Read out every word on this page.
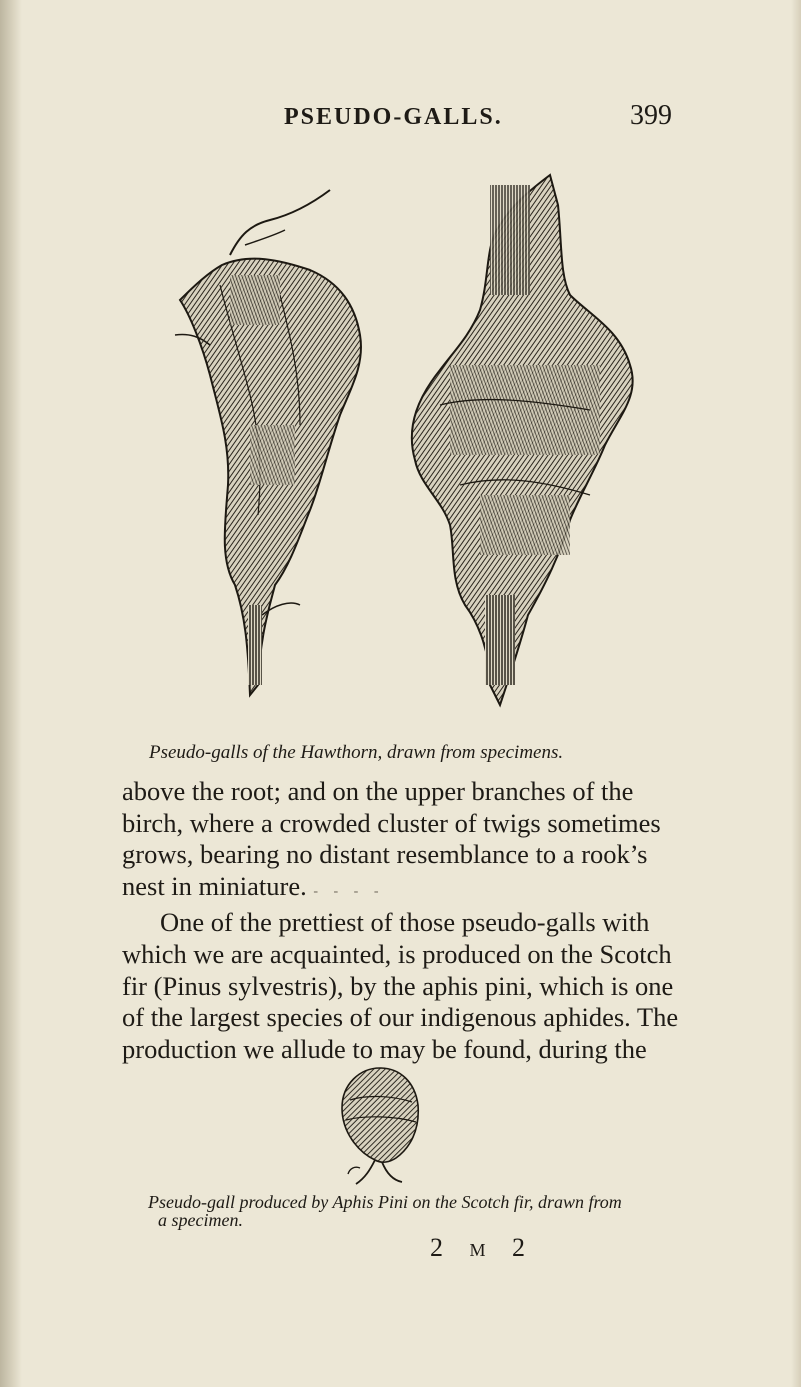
PSEUDO-GALLS.	399
Pseudo-galls of the Hawthorn, drawn from specimens.
above the root; and on the upper branches of the
birch, where a crowded cluster of twigs sometimes
grows, bearing no distant resemblance to a rook’s
nest in miniature. - - - -
One of the prettiest of those pseudo-galls with
which we are acquainted, is produced on the Scotch
fir (Pinus sylvestris), by the aphis pini, which is one
of the largest species of our indigenous aphides. The
production we allude to may be found, during the
Pseudo-gall produced by Aphis Pini on the Scotch fir, drawn from
a specimen.
2 M 2
